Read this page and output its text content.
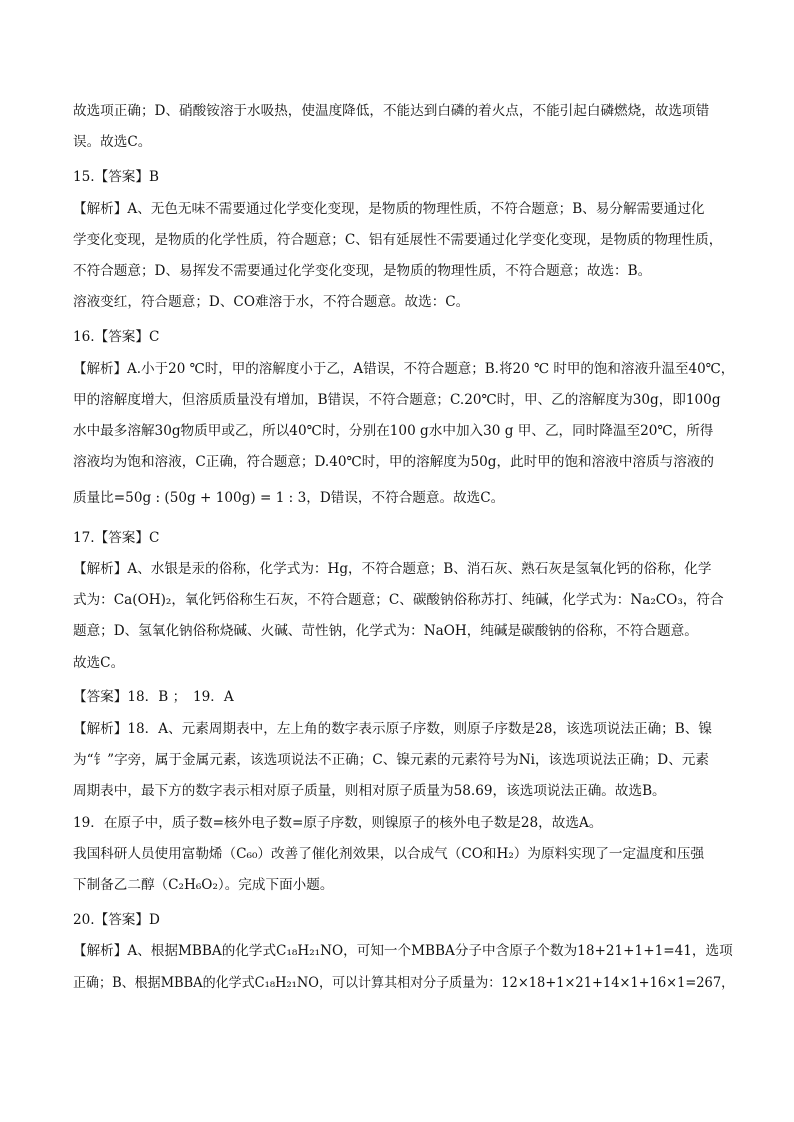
故选项正确；D、硝酸铵溶于水吸热，使温度降低，不能达到白磷的着火点，不能引起白磷燃烧，故选项错
误。故选C。
15.【答案】B
【解析】A、无色无味不需要通过化学变化变现，是物质的物理性质，不符合题意；B、易分解需要通过化
学变化变现，是物质的化学性质，符合题意；C、铝有延展性不需要通过化学变化变现，是物质的物理性质，
不符合题意；D、易挥发不需要通过化学变化变现，是物质的物理性质，不符合题意；故选：B。
溶液变红，符合题意；D、CO难溶于水，不符合题意。故选：C。
16.【答案】C
【解析】A.小于20 ℃时，甲的溶解度小于乙，A错误，不符合题意；B.将20 ℃ 时甲的饱和溶液升温至40℃，
甲的溶解度增大，但溶质质量没有增加，B错误，不符合题意；C.20℃时，甲、乙的溶解度为30g，即100g
水中最多溶解30g物质甲或乙，所以40℃时，分别在100 g水中加入30 g 甲、乙，同时降温至20℃，所得
溶液均为饱和溶液，C正确，符合题意；D.40℃时，甲的溶解度为50g，此时甲的饱和溶液中溶质与溶液的
质量比=50g : (50g + 100g) = 1 : 3，D错误，不符合题意。故选C。
17.【答案】C
【解析】A、水银是汞的俗称，化学式为：Hg，不符合题意；B、消石灰、熟石灰是氢氧化钙的俗称，化学
式为：Ca(OH)₂，氧化钙俗称生石灰，不符合题意；C、碳酸钠俗称苏打、纯碱，化学式为：Na₂CO₃，符合
题意；D、氢氧化钠俗称烧碱、火碱、苛性钠，化学式为：NaOH，纯碱是碳酸钠的俗称，不符合题意。
故选C。
【答案】18．B ；　19．A
【解析】18．A、元素周期表中，左上角的数字表示原子序数，则原子序数是28，该选项说法正确；B、镍
为“钅”字旁，属于金属元素，该选项说法不正确；C、镍元素的元素符号为Ni，该选项说法正确；D、元素
周期表中，最下方的数字表示相对原子质量，则相对原子质量为58.69，该选项说法正确。故选B。
19．在原子中，质子数=核外电子数=原子序数，则镍原子的核外电子数是28，故选A。
我国科研人员使用富勒烯（C₆₀）改善了催化剂效果，以合成气（CO和H₂）为原料实现了一定温度和压强
下制备乙二醇（C₂H₆O₂）。完成下面小题。
20.【答案】D
【解析】A、根据MBBA的化学式C₁₈H₂₁NO，可知一个MBBA分子中含原子个数为18+21+1+1=41，选项
正确；B、根据MBBA的化学式C₁₈H₂₁NO，可以计算其相对分子质量为：12×18+1×21+14×1+16×1=267，
